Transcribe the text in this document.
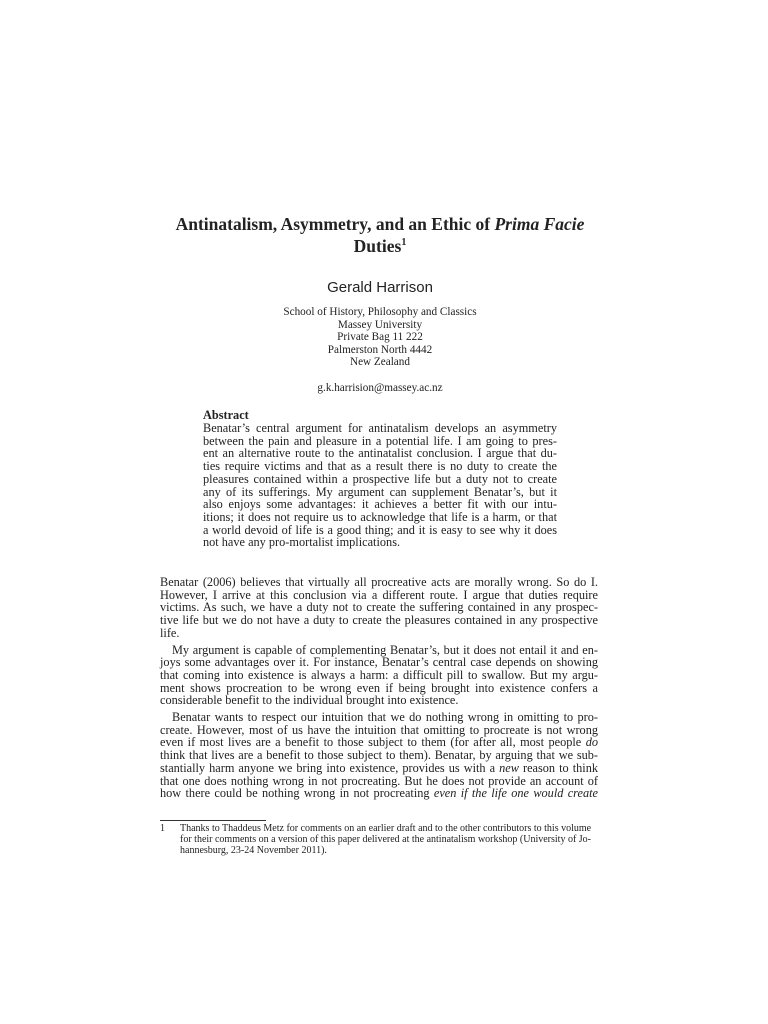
Antinatalism, Asymmetry, and an Ethic of Prima Facie

Duties$^1$

Gerald Harrison
School of History, Philosophy and Classics
Massey University
Private Bag 11 222
Palmerston North 4442
New Zealand
g.k.harrision@massey.ac.nz
Abstract
Benatar’s central argument for antinatalism develops an asymmetry
between the pain and pleasure in a potential life. I am going to pres-
ent an alternative route to the antinatalist conclusion. I argue that du-
ties require victims and that as a result there is no duty to create the
pleasures contained within a prospective life but a duty not to create
any of its sufferings. My argument can supplement Benatar’s, but it
also enjoys some advantages: it achieves a better fit with our intu-
itions; it does not require us to acknowledge that life is a harm, or that
a world devoid of life is a good thing; and it is easy to see why it does
not have any pro-mortalist implications.
Benatar (2006) believes that virtually all procreative acts are morally wrong. So do I.
However, I arrive at this conclusion via a different route. I argue that duties require
victims. As such, we have a duty not to create the suffering contained in any prospec-
tive life but we do not have a duty to create the pleasures contained in any prospective
life.
My argument is capable of complementing Benatar’s, but it does not entail it and en-
joys some advantages over it. For instance, Benatar’s central case depends on showing
that coming into existence is always a harm: a difficult pill to swallow. But my argu-
ment shows procreation to be wrong even if being brought into existence confers a
considerable benefit to the individual brought into existence.
Benatar wants to respect our intuition that we do nothing wrong in omitting to pro-
create. However, most of us have the intuition that omitting to procreate is not wrong
even if most lives are a benefit to those subject to them (for after all, most people do
think that lives are a benefit to those subject to them). Benatar, by arguing that we sub-
stantially harm anyone we bring into existence, provides us with a new reason to think
that one does nothing wrong in not procreating. But he does not provide an account of
how there could be nothing wrong in not procreating even if the life one would create
1	Thanks to Thaddeus Metz for comments on an earlier draft and to the other contributors to this volume
for their comments on a version of this paper delivered at the antinatalism workshop (University of Jo-
hannesburg, 23-24 November 2011).
